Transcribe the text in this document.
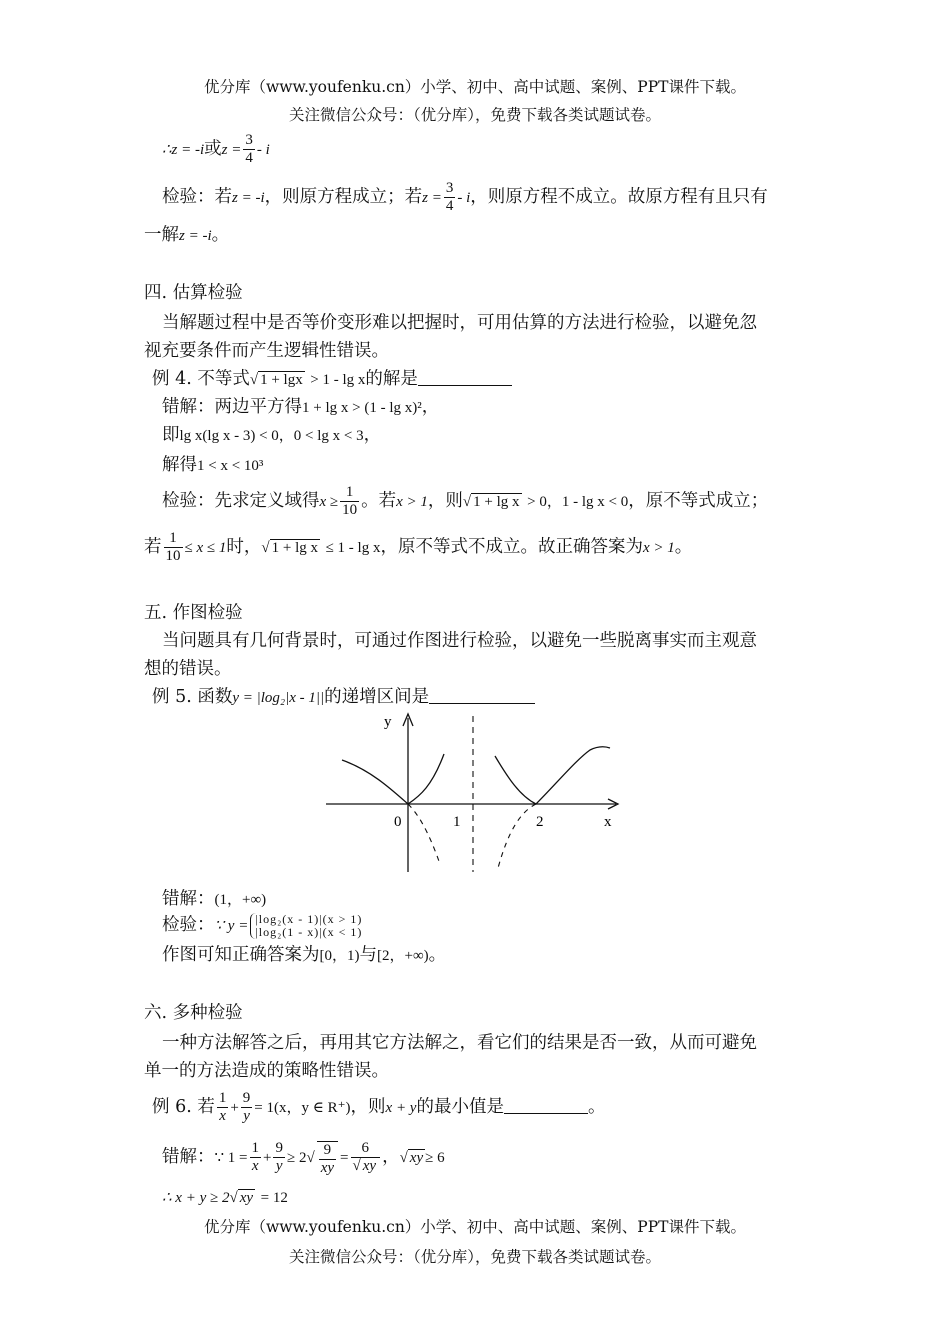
优分库（www.youfenku.cn）小学、初中、高中试题、案例、PPT课件下载。
关注微信公众号：（优分库），免费下载各类试题试卷。
∴z = -i或$z = \frac{3}{4} - i$
检验：若z = -i，则原方程成立；若$z = \frac{3}{4} - i$，则原方程不成立。故原方程有且只有
一解z = -i。
四. 估算检验
当解题过程中是否等价变形难以把握时，可用估算的方法进行检验，以避免忽
视充要条件而产生逻辑性错误。
例 4. 不等式√ 1 + lgx > 1 - lg x的解是
错解：两边平方得1 + lg x > (1 - lg x)²，
即lg x(lg x - 3) < 0，0 < lg x < 3，
解得1 < x < 10³
检验：先求定义域得$x \ge \frac{1}{10}$ 。若x > 1，则√ 1 + lg x > 0，1 - lg x < 0，原不等式成立；
若 $\frac{1}{10} \le x \le 1$时，√ 1 + lg x ≤ 1 - lg x，原不等式不成立。故正确答案为x > 1。
五. 作图检验
当问题具有几何背景时，可通过作图进行检验，以避免一些脱离事实而主观意
想的错误。
例 5. 函数y = |log₂|x - 1||的递增区间是
y
x
0	1	2
错解：(1，+∞)
检验：∵ y = |log₂(x - 1)|(x > 1)
|log₂(1 - x)|(x < 1)
作图可知正确答案为[0，1)与[2，+∞)。
六. 多种检验
一种方法解答之后，再用其它方法解之，看它们的结果是否一致，从而可避免
单一的方法造成的策略性错误。
例 6. 若 $\frac{1}{x} + \frac{9}{y} = 1(x$，y ∈ R⁺)，则x + y的最小值是	。
错解：∵ $1 = \frac{1}{x} + \frac{9}{y} \ge 2√ \frac{9}{xy} = \frac{6}{√ xy}$ ，√ xy ≥ 6
∴ x + y ≥ 2√ xy = 12
优分库（www.youfenku.cn）小学、初中、高中试题、案例、PPT课件下载。
关注微信公众号：（优分库），免费下载各类试题试卷。
